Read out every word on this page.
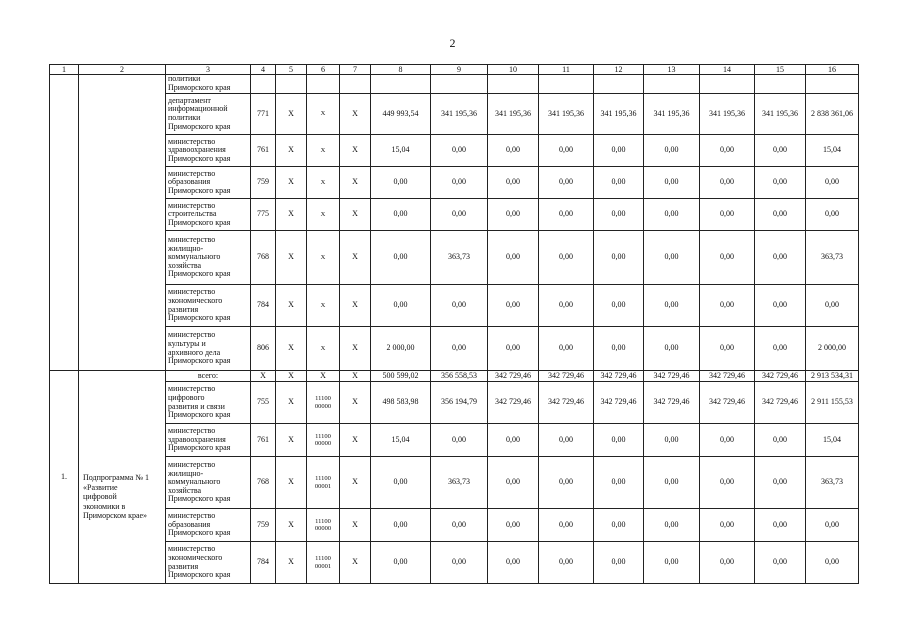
2
1	2	3	4	5	6	7	8	9	10	11	12	13	14	15	16
		политики
Приморского края													
		департамент
информационной
политики
Приморского края	771	Х	Х	Х	449 993,54	341 195,36	341 195,36	341 195,36	341 195,36	341 195,36	341 195,36	341 195,36	2 838 361,06
		министерство
здравоохранения
Приморского края	761	Х	Х	Х	15,04	0,00	0,00	0,00	0,00	0,00	0,00	0,00	15,04
		министерство
образования
Приморского края	759	Х	Х	Х	0,00	0,00	0,00	0,00	0,00	0,00	0,00	0,00	0,00
		министерство
строительства
Приморского края	775	Х	Х	Х	0,00	0,00	0,00	0,00	0,00	0,00	0,00	0,00	0,00
		министерство
жилищно-
коммунального
хозяйства
Приморского края	768	Х	Х	Х	0,00	363,73	0,00	0,00	0,00	0,00	0,00	0,00	363,73
		министерство
экономического
развития
Приморского края	784	Х	Х	Х	0,00	0,00	0,00	0,00	0,00	0,00	0,00	0,00	0,00
		министерство
культуры и
архивного дела
Приморского края	806	Х	Х	Х	2 000,00	0,00	0,00	0,00	0,00	0,00	0,00	0,00	2 000,00
1.	Подпрограмма № 1
«Развитие
цифровой
экономики в
Приморском крае»	всего:	Х	Х	Х	Х	500 599,02	356 558,53	342 729,46	342 729,46	342 729,46	342 729,46	342 729,46	342 729,46	2 913 534,31
		министерство
цифрового
развития и связи
Приморского края	755	Х	11100
00000	Х	498 583,98	356 194,79	342 729,46	342 729,46	342 729,46	342 729,46	342 729,46	342 729,46	2 911 155,53
		министерство
здравоохранения
Приморского края	761	Х	11100
00000	Х	15,04	0,00	0,00	0,00	0,00	0,00	0,00	0,00	15,04
		министерство
жилищно-
коммунального
хозяйства
Приморского края	768	Х	11100
00001	Х	0,00	363,73	0,00	0,00	0,00	0,00	0,00	0,00	363,73
		министерство
образования
Приморского края	759	Х	11100
00000	Х	0,00	0,00	0,00	0,00	0,00	0,00	0,00	0,00	0,00
		министерство
экономического
развития
Приморского края	784	Х	11100
00001	Х	0,00	0,00	0,00	0,00	0,00	0,00	0,00	0,00	0,00
